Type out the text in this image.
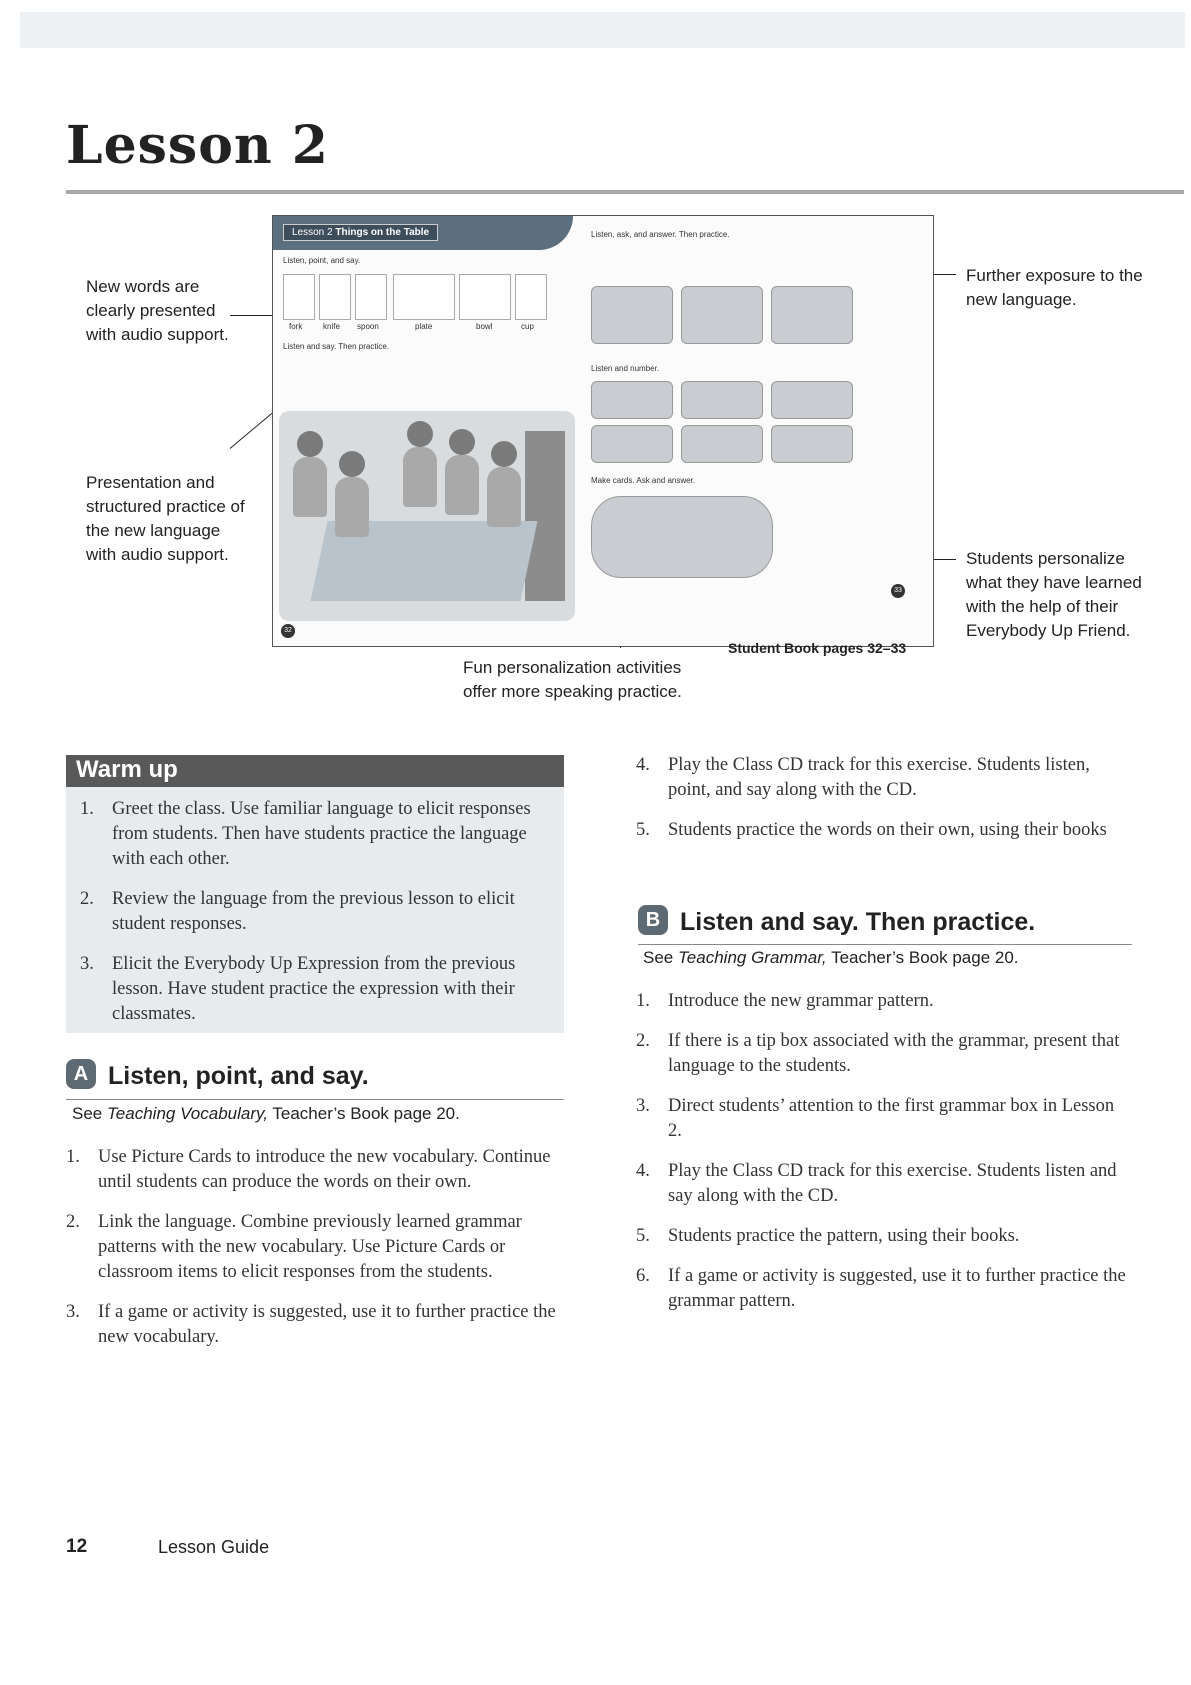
Lesson 2
New words are clearly presented with audio support.
Presentation and structured practice of the new language with audio support.
Further exposure to the new language.
Students personalize what they have learned with the help of their Everybody Up Friend.
Fun personalization activities offer more speaking practice.
Lesson 2 Things on the Table
Listen, point, and say.
fork	knife spoon	plate	bowl	cup
Listen and say. Then practice.
32
Listen, ask, and answer. Then practice.
Listen and number.
Make cards. Ask and answer.
33
Student Book pages 32–33
Warm up
1. Greet the class. Use familiar language to elicit responses from students. Then have students practice the language with each other.
2. Review the language from the previous lesson to elicit student responses.
3. Elicit the Everybody Up Expression from the previous lesson. Have student practice the expression with their classmates.
A Listen, point, and say.
See Teaching Vocabulary, Teacher’s Book page 20.
1. Use Picture Cards to introduce the new vocabulary. Continue until students can produce the words on their own.
2. Link the language. Combine previously learned grammar patterns with the new vocabulary. Use Picture Cards or classroom items to elicit responses from the students.
3. If a game or activity is suggested, use it to further practice the new vocabulary.
4. Play the Class CD track for this exercise. Students listen, point, and say along with the CD.
5. Students practice the words on their own, using their books
B Listen and say. Then practice.
See Teaching Grammar, Teacher’s Book page 20.
1. Introduce the new grammar pattern.
2. If there is a tip box associated with the grammar, present that language to the students.
3. Direct students’ attention to the first grammar box in Lesson 2.
4. Play the Class CD track for this exercise. Students listen and say along with the CD.
5. Students practice the pattern, using their books.
6. If a game or activity is suggested, use it to further practice the grammar pattern.
12	Lesson Guide
